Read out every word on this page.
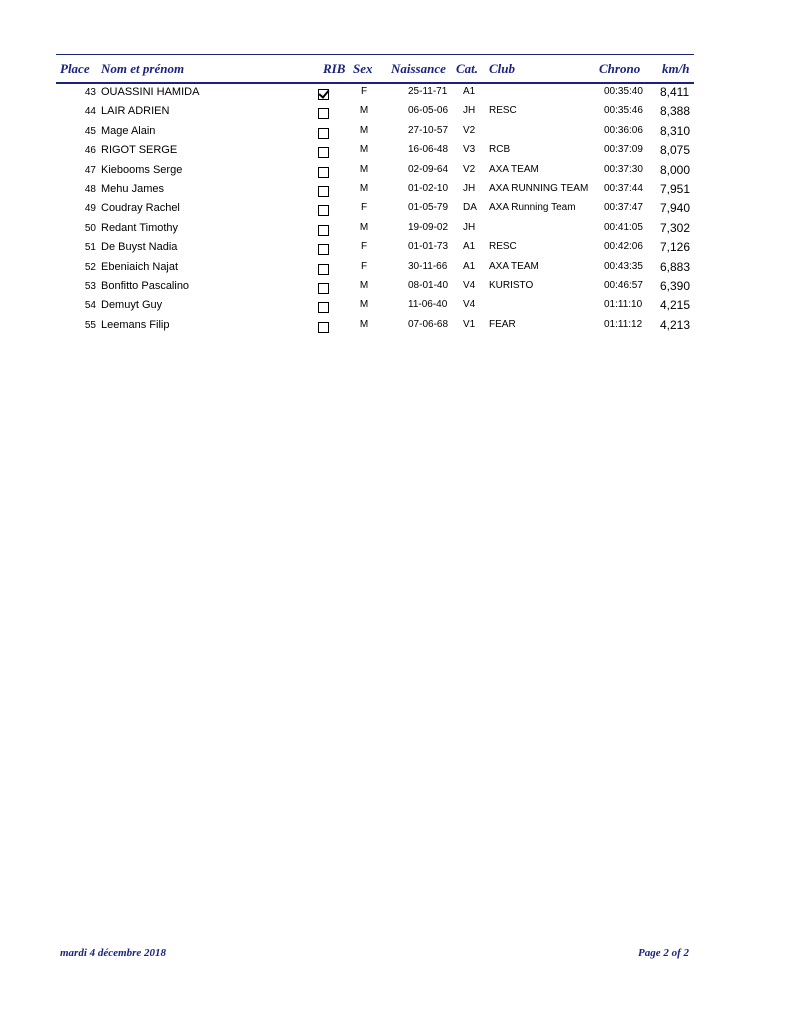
Place Nom et prénom	RIB Sex Naissance Cat. Club	Chrono km/h
43 OUASSINI HAMIDA	F	25-11-71 A1	00:35:40 8,411
44 LAIR ADRIEN	M	06-05-06 JH RESC	00:35:46 8,388
45 Mage Alain	M	27-10-57 V2	00:36:06 8,310
46 RIGOT SERGE	M	16-06-48 V3 RCB	00:37:09 8,075
47 Kiebooms Serge	M	02-09-64 V2 AXA TEAM	00:37:30 8,000
48 Mehu James	M	01-02-10 JH AXA RUNNING TEAM 00:37:44 7,951
49 Coudray Rachel	F	01-05-79 DA AXA Running Team	00:37:47 7,940
50 Redant Timothy	M	19-09-02 JH	00:41:05 7,302
51 De Buyst Nadia	F	01-01-73 A1 RESC	00:42:06 7,126
52 Ebeniaich Najat	F	30-11-66 A1 AXA TEAM	00:43:35 6,883
53 Bonfitto Pascalino	M	08-01-40 V4 KURISTO	00:46:57 6,390
54 Demuyt Guy	M	11-06-40 V4	01:11:10 4,215
55 Leemans Filip	M	07-06-68 V1 FEAR	01:11:12 4,213
mardi 4 décembre 2018	Page 2 of 2
